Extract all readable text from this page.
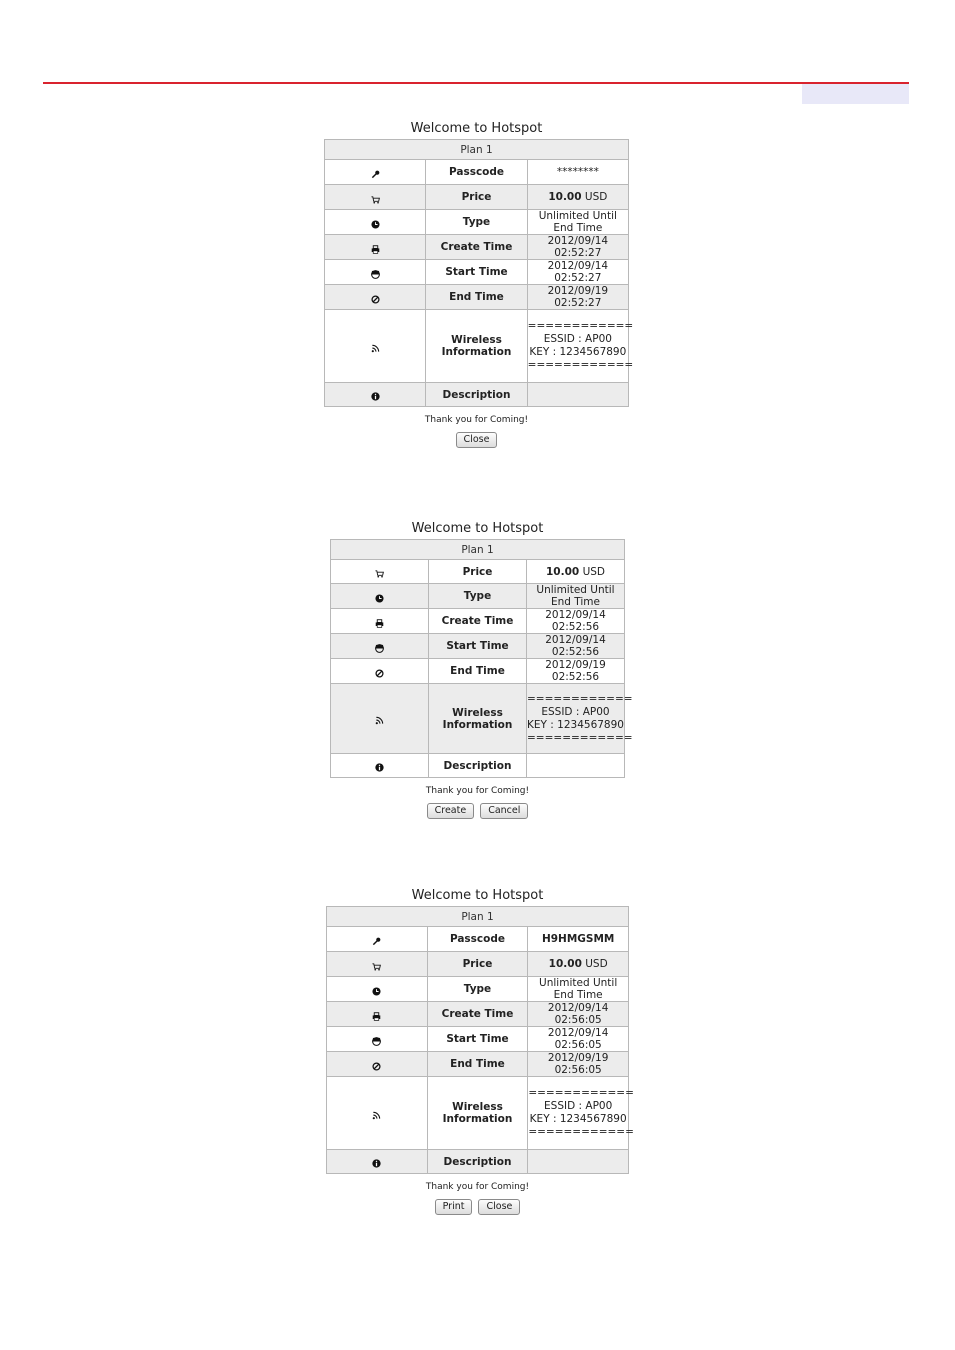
Welcome to Hotspot
Plan 1		

	Passcode	********

	Price	10.00 USD

	Type	Unlimited Until End Time

	Create Time	2012/09/14 02:52:27

	Start Time	2012/09/14 02:52:27

	End Time	2012/09/19 02:52:27

	Wireless Information	============
ESSID : AP00
KEY : 1234567890
============

	Description	
Thank you for Coming!
Close
Welcome to Hotspot
Plan 1		

	Price	10.00 USD

	Type	Unlimited Until End Time

	Create Time	2012/09/14 02:52:56

	Start Time	2012/09/14 02:52:56

	End Time	2012/09/19 02:52:56

	Wireless Information	============
ESSID : AP00
KEY : 1234567890
============

	Description	
Thank you for Coming!
Create Cancel
Welcome to Hotspot
Plan 1		

	Passcode	H9HMGSMM

	Price	10.00 USD

	Type	Unlimited Until End Time

	Create Time	2012/09/14 02:56:05

	Start Time	2012/09/14 02:56:05

	End Time	2012/09/19 02:56:05

	Wireless Information	============
ESSID : AP00
KEY : 1234567890
============

	Description	
Thank you for Coming!
Print Close
